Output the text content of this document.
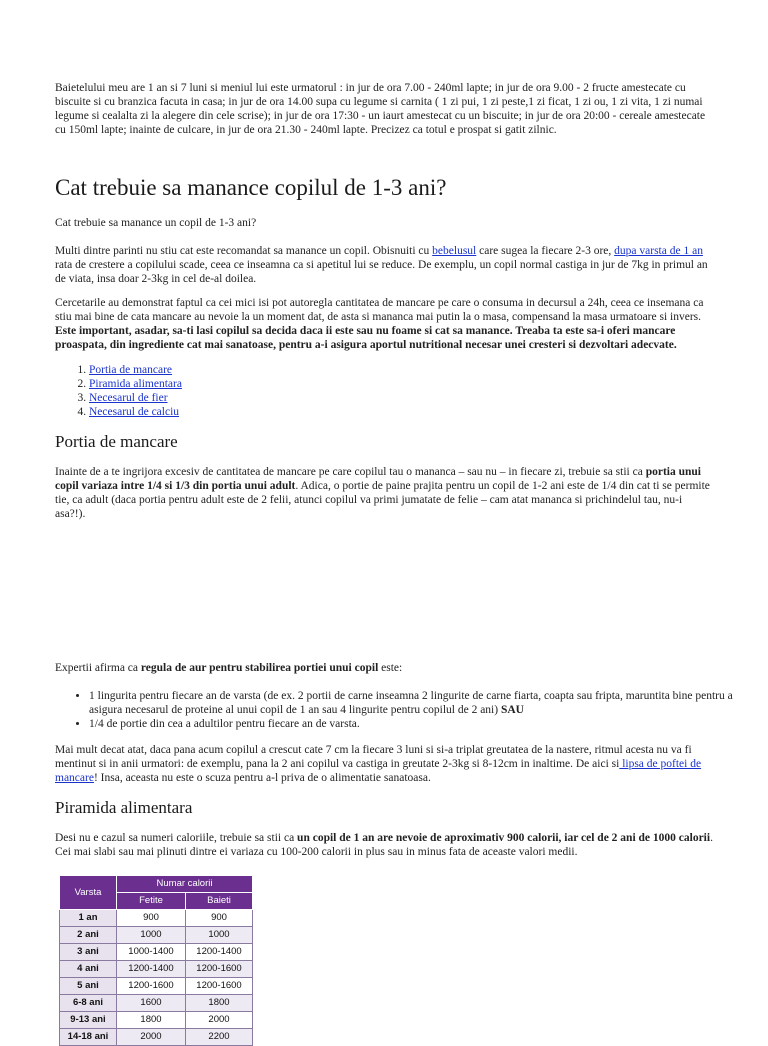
Baietelului meu are 1 an si 7 luni si meniul lui este urmatorul : in jur de ora 7.00 - 240ml lapte; in jur de ora 9.00 - 2 fructe amestecate cu biscuite si cu branzica facuta in casa; in jur de ora 14.00 supa cu legume si carnita ( 1 zi pui, 1 zi peste,1 zi ficat, 1 zi ou, 1 zi vita, 1 zi numai legume si cealalta zi la alegere din cele scrise); in jur de ora 17:30 - un iaurt amestecat cu un biscuite; in jur de ora 20:00 - cereale amestecate cu 150ml lapte; inainte de culcare, in jur de ora 21.30 - 240ml lapte. Precizez ca totul e prospat si gatit zilnic.

Cat trebuie sa manance copilul de 1-3 ani?

Cat trebuie sa manance un copil de 1-3 ani?

Multi dintre parinti nu stiu cat este recomandat sa manance un copil. Obisnuiti cu bebelusul care sugea la fiecare 2-3 ore, dupa varsta de 1 an rata de crestere a copilului scade, ceea ce inseamna ca si apetitul lui se reduce. De exemplu, un copil normal castiga in jur de 7kg in primul an de viata, insa doar 2-3kg in cel de-al doilea.

Cercetarile au demonstrat faptul ca cei mici isi pot autoregla cantitatea de mancare pe care o consuma in decursul a 24h, ceea ce insemana ca stiu mai bine de cata mancare au nevoie la un moment dat, de asta si mananca mai putin la o masa, compensand la masa urmatoare si invers. Este important, asadar, sa-ti lasi copilul sa decida daca ii este sau nu foame si cat sa manance. Treaba ta este sa-i oferi mancare proaspata, din ingrediente cat mai sanatoase, pentru a-i asigura aportul nutritional necesar unei cresteri si dezvoltari adecvate.

1. Portia de mancare
2. Piramida alimentara
3. Necesarul de fier
4. Necesarul de calciu
Portia de mancare

Inainte de a te ingrijora excesiv de cantitatea de mancare pe care copilul tau o mananca – sau nu – in fiecare zi, trebuie sa stii ca portia unui copil variaza intre 1/4 si 1/3 din portia unui adult. Adica, o portie de paine prajita pentru un copil de 1-2 ani este de 1/4 din cat ti se permite tie, ca adult (daca portia pentru adult este de 2 felii, atunci copilul va primi jumatate de felie – cam atat mananca si prichindelul tau, nu-i asa?!).

Expertii afirma ca regula de aur pentru stabilirea portiei unui copil este:

• 1 lingurita pentru fiecare an de varsta (de ex. 2 portii de carne inseamna 2 lingurite de carne fiarta, coapta sau fripta, maruntita bine pentru a asigura necesarul de proteine al unui copil de 1 an sau 4 lingurite pentru copilul de 2 ani) SAU
• 1/4 de portie din cea a adultilor pentru fiecare an de varsta.

Mai mult decat atat, daca pana acum copilul a crescut cate 7 cm la fiecare 3 luni si si-a triplat greutatea de la nastere, ritmul acesta nu va fi mentinut si in anii urmatori: de exemplu, pana la 2 ani copilul va castiga in greutate 2-3kg si 8-12cm in inaltime. De aici si lipsa de poftei de mancare! Insa, aceasta nu este o scuza pentru a-l priva de o alimentatie sanatoasa.

Piramida alimentara

Desi nu e cazul sa numeri caloriile, trebuie sa stii ca un copil de 1 an are nevoie de aproximativ 900 calorii, iar cel de 2 ani de 1000 calorii. Cei mai slabi sau mai plinuti dintre ei variaza cu 100-200 calorii in plus sau in minus fata de aceaste valori medii.

Varsta	Numar calorii	
	Fetite	Baieti
1 an	900	900
2 ani	1000	1000
3 ani	1000-1400	1200-1400
4 ani	1200-1400	1200-1600
5 ani	1200-1600	1200-1600
6-8 ani	1600	1800
9-13 ani	1800	2000
14-18 ani	2000	2200
